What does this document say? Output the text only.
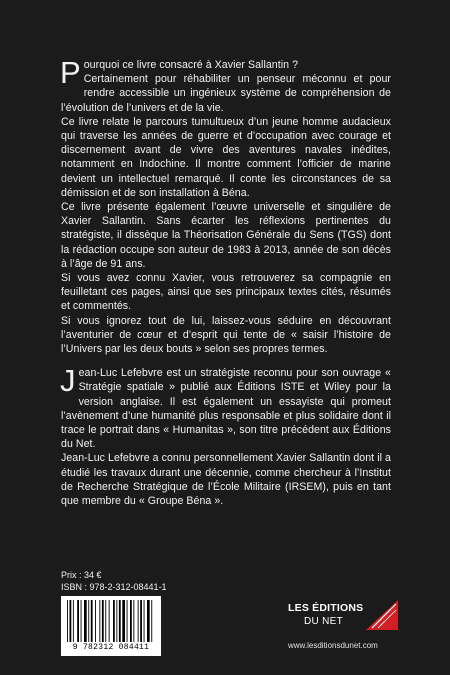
Pourquoi ce livre consacré à Xavier Sallantin ?

Certainement pour réhabiliter un penseur méconnu et pour rendre accessible un ingénieux système de compréhension de l’évolution de l’univers et de la vie.

Ce livre relate le parcours tumultueux d’un jeune homme audacieux qui traverse les années de guerre et d’occupation avec courage et discernement avant de vivre des aventures navales inédites, notamment en Indochine. Il montre comment l’officier de marine devient un intellectuel remarqué. Il conte les circonstances de sa démission et de son installation à Béna.

Ce livre présente également l’œuvre universelle et singulière de Xavier Sallantin. Sans écarter les réflexions pertinentes du stratégiste, il dissèque la Théorisation Générale du Sens (TGS) dont la rédaction occupe son auteur de 1983 à 2013, année de son décès à l’âge de 91 ans.

Si vous avez connu Xavier, vous retrouverez sa compagnie en feuilletant ces pages, ainsi que ses principaux textes cités, résumés et commentés.

Si vous ignorez tout de lui, laissez-vous séduire en découvrant l’aventurier de cœur et d’esprit qui tente de « saisir l’histoire de l’Univers par les deux bouts » selon ses propres termes.

Jean-Luc Lefebvre est un stratégiste reconnu pour son ouvrage « Stratégie spatiale » publié aux Éditions ISTE et Wiley pour la version anglaise. Il est également un essayiste qui promeut l’avènement d’une humanité plus responsable et plus solidaire dont il trace le portrait dans « Humanitas », son titre précédent aux Éditions du Net.

Jean-Luc Lefebvre a connu personnellement Xavier Sallantin dont il a étudié les travaux durant une décennie, comme chercheur à l’Institut de Recherche Stratégique de l’École Militaire (IRSEM), puis en tant que membre du « Groupe Béna ».

Prix : 34 €
ISBN : 978-2-312-08441-1
9 782312 084411
LES ÉDITIONS
DU NET
www.lesditionsdunet.com
